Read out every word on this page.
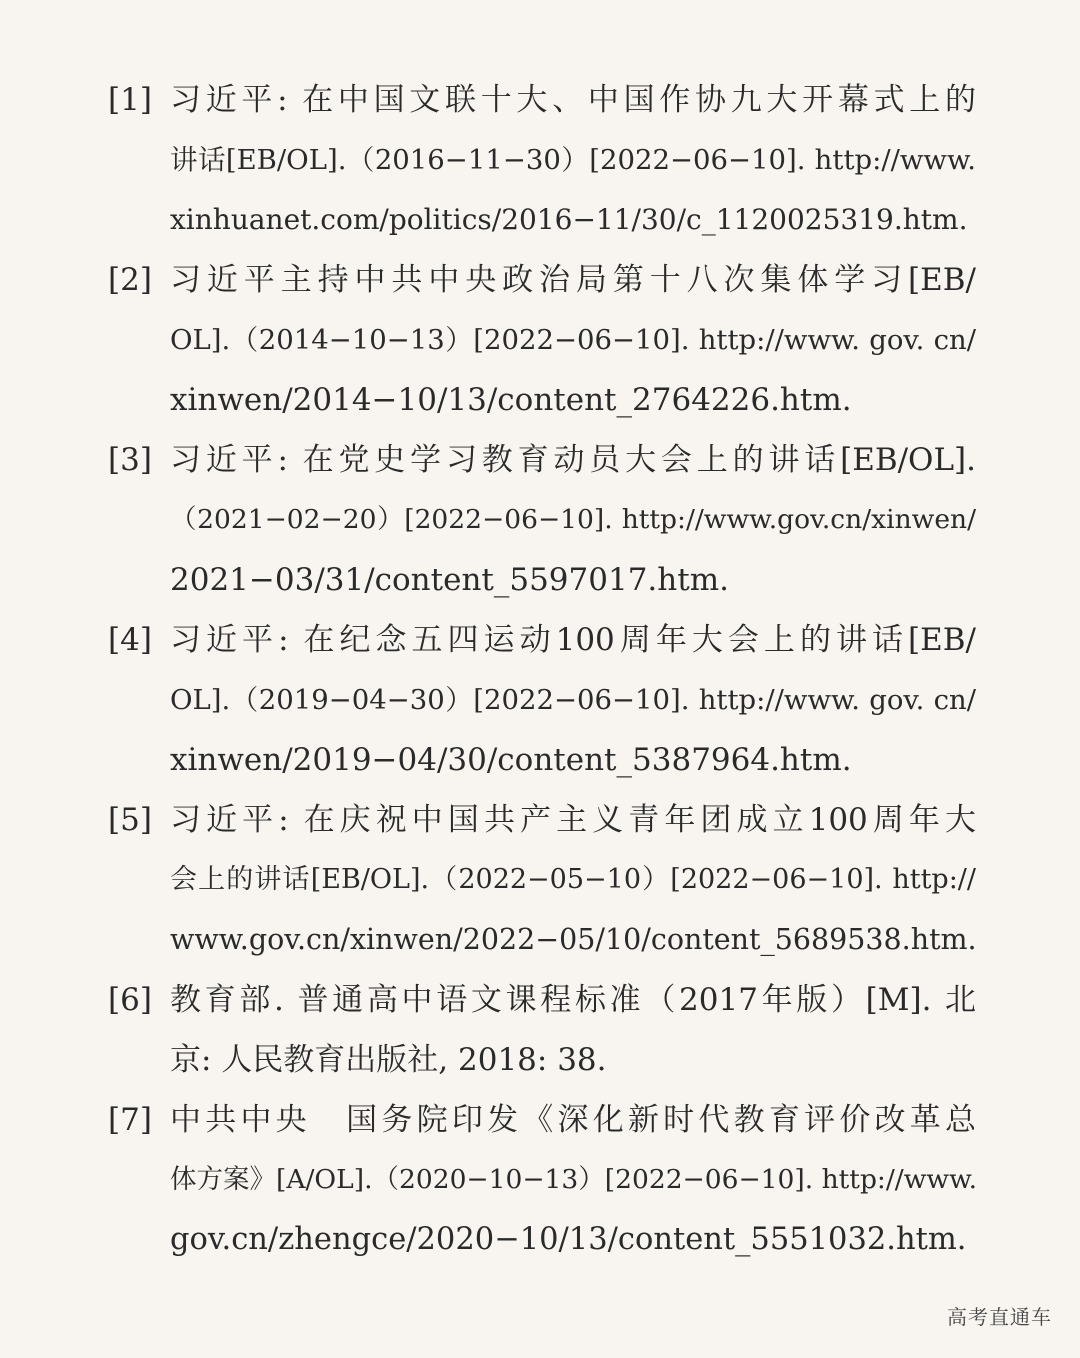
[1] 习近平: 在中国文联十大、中国作协九大开幕式上的
讲话[EB/OL].（2016−11−30）[2022−06−10]. http://www.
xinhuanet.com/politics/2016−11/30/c_1120025319.htm.
[2] 习近平主持中共中央政治局第十八次集体学习[EB/
OL].（2014−10−13）[2022−06−10]. http://www. gov. cn/
xinwen/2014−10/13/content_2764226.htm.
[3] 习近平: 在党史学习教育动员大会上的讲话[EB/OL].
（2021−02−20）[2022−06−10]. http://www.gov.cn/xinwen/
2021−03/31/content_5597017.htm.
[4] 习近平: 在纪念五四运动100周年大会上的讲话[EB/
OL].（2019−04−30）[2022−06−10]. http://www. gov. cn/
xinwen/2019−04/30/content_5387964.htm.
[5] 习近平: 在庆祝中国共产主义青年团成立100周年大
会上的讲话[EB/OL].（2022−05−10）[2022−06−10]. http://
www.gov.cn/xinwen/2022−05/10/content_5689538.htm.
[6] 教育部. 普通高中语文课程标准（2017年版）[M]. 北
京: 人民教育出版社, 2018: 38.
[7] 中共中央　国务院印发《深化新时代教育评价改革总
体方案》[A/OL].（2020−10−13）[2022−06−10]. http://www.
gov.cn/zhengce/2020−10/13/content_5551032.htm.
高考直通车
